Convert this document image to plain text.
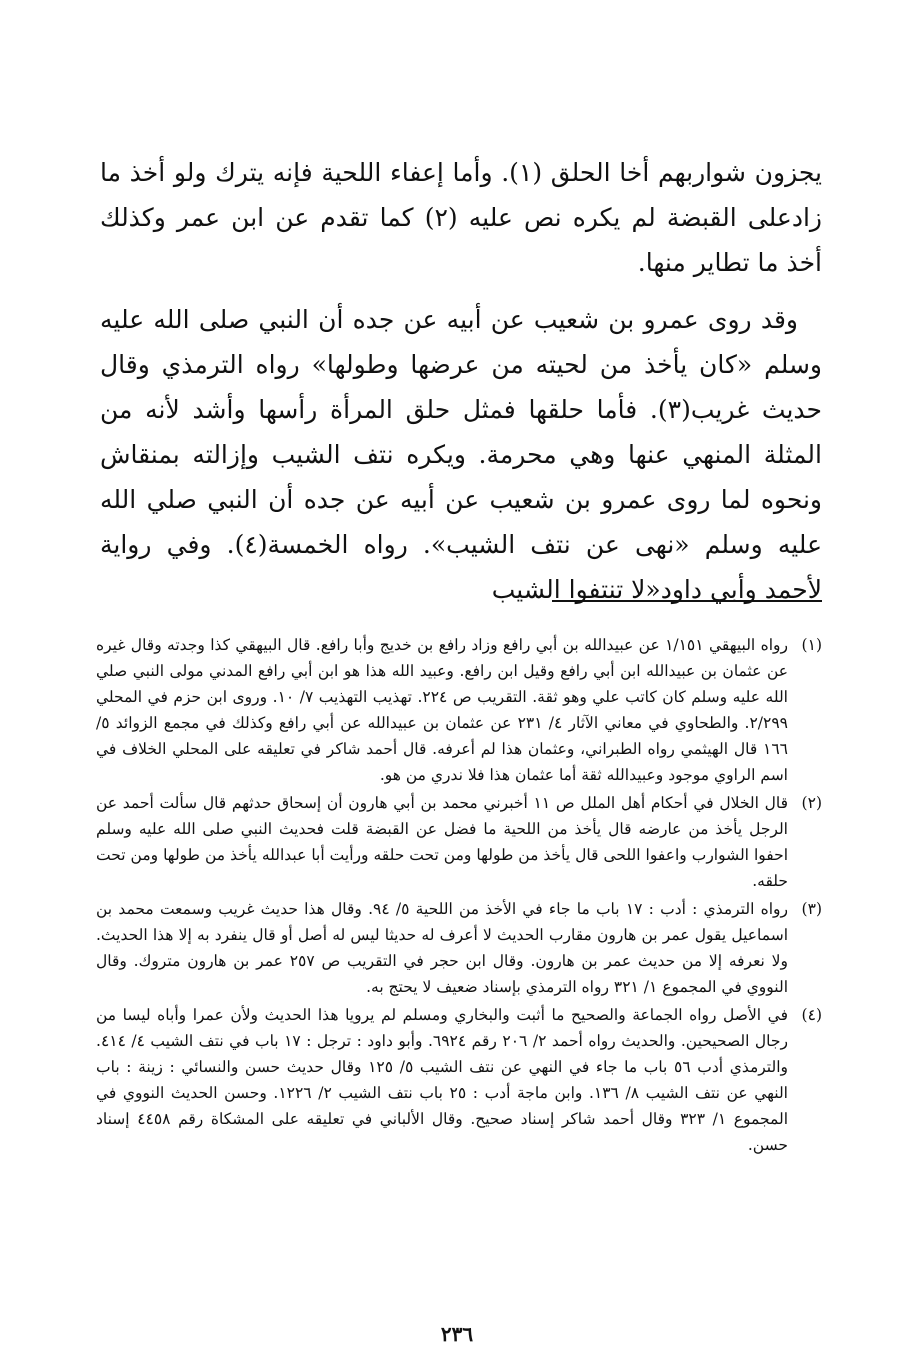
يجزون شواربهم أخا الحلق (١). وأما إعفاء اللحية فإنه يترك ولو أخذ ما زادعلى القبضة لم يكره نص عليه (٢) كما تقدم عن ابن عمر وكذلك أخذ ما تطاير منها.

وقد روى عمرو بن شعيب عن أبيه عن جده أن النبي صلى الله عليه وسلم «كان يأخذ من لحيته من عرضها وطولها» رواه الترمذي وقال حديث غريب(٣). فأما حلقها فمثل حلق المرأة رأسها وأشد لأنه من المثلة المنهي عنها وهي محرمة. ويكره نتف الشيب وإزالته بمنقاش ونحوه لما روى عمرو بن شعيب عن أبيه عن جده أن النبي صلي الله عليه وسلم «نهى عن نتف الشيب». رواه الخمسة(٤). وفي رواية لأحمد وأبي داود«لا تنتفوا الشيب

(١)
رواه البيهقي ١/١٥١ عن عبيدالله بن أبي رافع وزاد رافع بن خديج وأبا رافع. قال البيهقي كذا وجدته وقال غيره عن عثمان بن عبيدالله ابن أبي رافع وقيل ابن رافع. وعبيد الله هذا هو ابن أبي رافع المدني مولى النبي صلي الله عليه وسلم كان كاتب علي وهو ثقة. التقريب ص ٢٢٤. تهذيب التهذيب ٧/ ١٠. وروى ابن حزم في المحلي ٢/٢٩٩. والطحاوي في معاني الآثار ٤/ ٢٣١ عن عثمان بن عبيدالله عن أبي رافع وكذلك في مجمع الزوائد ٥/ ١٦٦ قال الهيثمي رواه الطبراني، وعثمان هذا لم أعرفه. قال أحمد شاكر في تعليقه على المحلي الخلاف في اسم الراوي موجود وعبيدالله ثقة أما عثمان هذا فلا ندري من هو.
(٢)
قال الخلال في أحكام أهل الملل ص ١١ أخبرني محمد بن أبي هارون أن إسحاق حدثهم قال سألت أحمد عن الرجل يأخذ من عارضه قال يأخذ من اللحية ما فضل عن القبضة قلت فحديث النبي صلى الله عليه وسلم احفوا الشوارب واعفوا اللحى قال يأخذ من طولها ومن تحت حلقه ورأيت أبا عبدالله يأخذ من طولها ومن تحت حلقه.
(٣)
رواه الترمذي : أدب : ١٧ باب ما جاء في الأخذ من اللحية ٥/ ٩٤. وقال هذا حديث غريب وسمعت محمد بن اسماعيل يقول عمر بن هارون مقارب الحديث لا أعرف له حديثا ليس له أصل أو قال ينفرد به إلا هذا الحديث. ولا نعرفه إلا من حديث عمر بن هارون. وقال ابن حجر في التقريب ص ٢٥٧ عمر بن هارون متروك. وقال النووي في المجموع ١/ ٣٢١ رواه الترمذي بإسناد ضعيف لا يحتج به.
(٤)
في الأصل رواه الجماعة والصحيح ما أثبت والبخاري ومسلم لم يرويا هذا الحديث ولأن عمرا وأباه ليسا من رجال الصحيحين. والحديث رواه أحمد ٢/ ٢٠٦ رقم ٦٩٢٤. وأبو داود : ترجل : ١٧ باب في نتف الشيب ٤/ ٤١٤. والترمذي أدب ٥٦ باب ما جاء في النهي عن نتف الشيب ٥/ ١٢٥ وقال حديث حسن والنسائي : زينة : باب النهي عن نتف الشيب ٨/ ١٣٦. وابن ماجة أدب : ٢٥ باب نتف الشيب ٢/ ١٢٢٦. وحسن الحديث النووي في المجموع ١/ ٣٢٣ وقال أحمد شاكر إسناد صحيح. وقال الألباني في تعليقه على المشكاة رقم ٤٤٥٨ إسناد حسن.
٢٣٦
